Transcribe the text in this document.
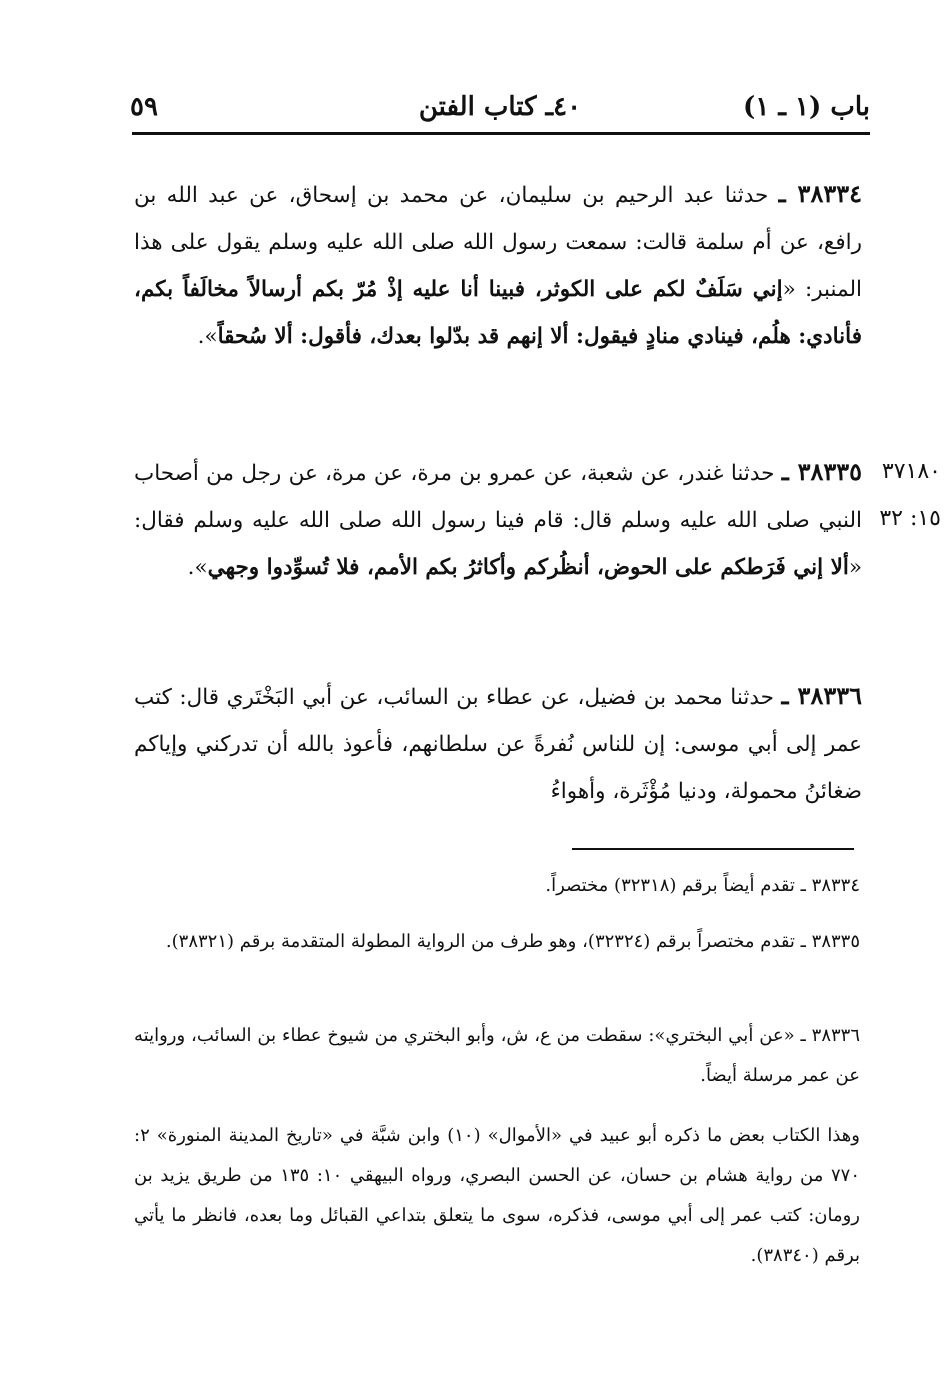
باب (١ ـ ١)
٤٠ـ كتاب الفتن
٥٩
٣٨٣٣٤ ـ حدثنا عبد الرحيم بن سليمان، عن محمد بن إسحاق، عن عبد الله بن رافع، عن أم سلمة قالت: سمعت رسول الله صلى الله عليه وسلم يقول على هذا المنبر: «إني سَلَفٌ لكم على الكوثر، فبينا أنا عليه إذْ مُرّ بكم أرسالاً مخالَفاً بكم، فأنادي: هلُم، فينادي منادٍ فيقول: ألا إنهم قد بدّلوا بعدك، فأقول: ألا سُحقاً».
٣٧١٨٠
١٥: ٣٢
٣٨٣٣٥ ـ حدثنا غندر، عن شعبة، عن عمرو بن مرة، عن مرة، عن رجل من أصحاب النبي صلى الله عليه وسلم قال: قام فينا رسول الله صلى الله عليه وسلم فقال: «ألا إني فَرَطكم على الحوض، أنظُركم وأكاثرُ بكم الأمم، فلا تُسوِّدوا وجهي».
٣٨٣٣٦ ـ حدثنا محمد بن فضيل، عن عطاء بن السائب، عن أبي البَخْتَري قال: كتب عمر إلى أبي موسى: إن للناس نُفرةً عن سلطانهم، فأعوذ بالله أن تدركني وإياكم ضغائنُ محمولة، ودنيا مُؤْثَرة، وأهواءُ
٣٨٣٣٤ ـ تقدم أيضاً برقم (٣٢٣١٨) مختصراً.
٣٨٣٣٥ ـ تقدم مختصراً برقم (٣٢٣٢٤)، وهو طرف من الرواية المطولة المتقدمة برقم (٣٨٣٢١).
٣٨٣٣٦ ـ «عن أبي البختري»: سقطت من ع، ش، وأبو البختري من شيوخ عطاء بن السائب، وروايته عن عمر مرسلة أيضاً.
وهذا الكتاب بعض ما ذكره أبو عبيد في «الأموال» (١٠) وابن شبَّة في «تاريخ المدينة المنورة» ٢: ٧٧٠ من رواية هشام بن حسان، عن الحسن البصري، ورواه البيهقي ١٠: ١٣٥ من طريق يزيد بن رومان: كتب عمر إلى أبي موسى، فذكره، سوى ما يتعلق بتداعي القبائل وما بعده، فانظر ما يأتي برقم (٣٨٣٤٠).
